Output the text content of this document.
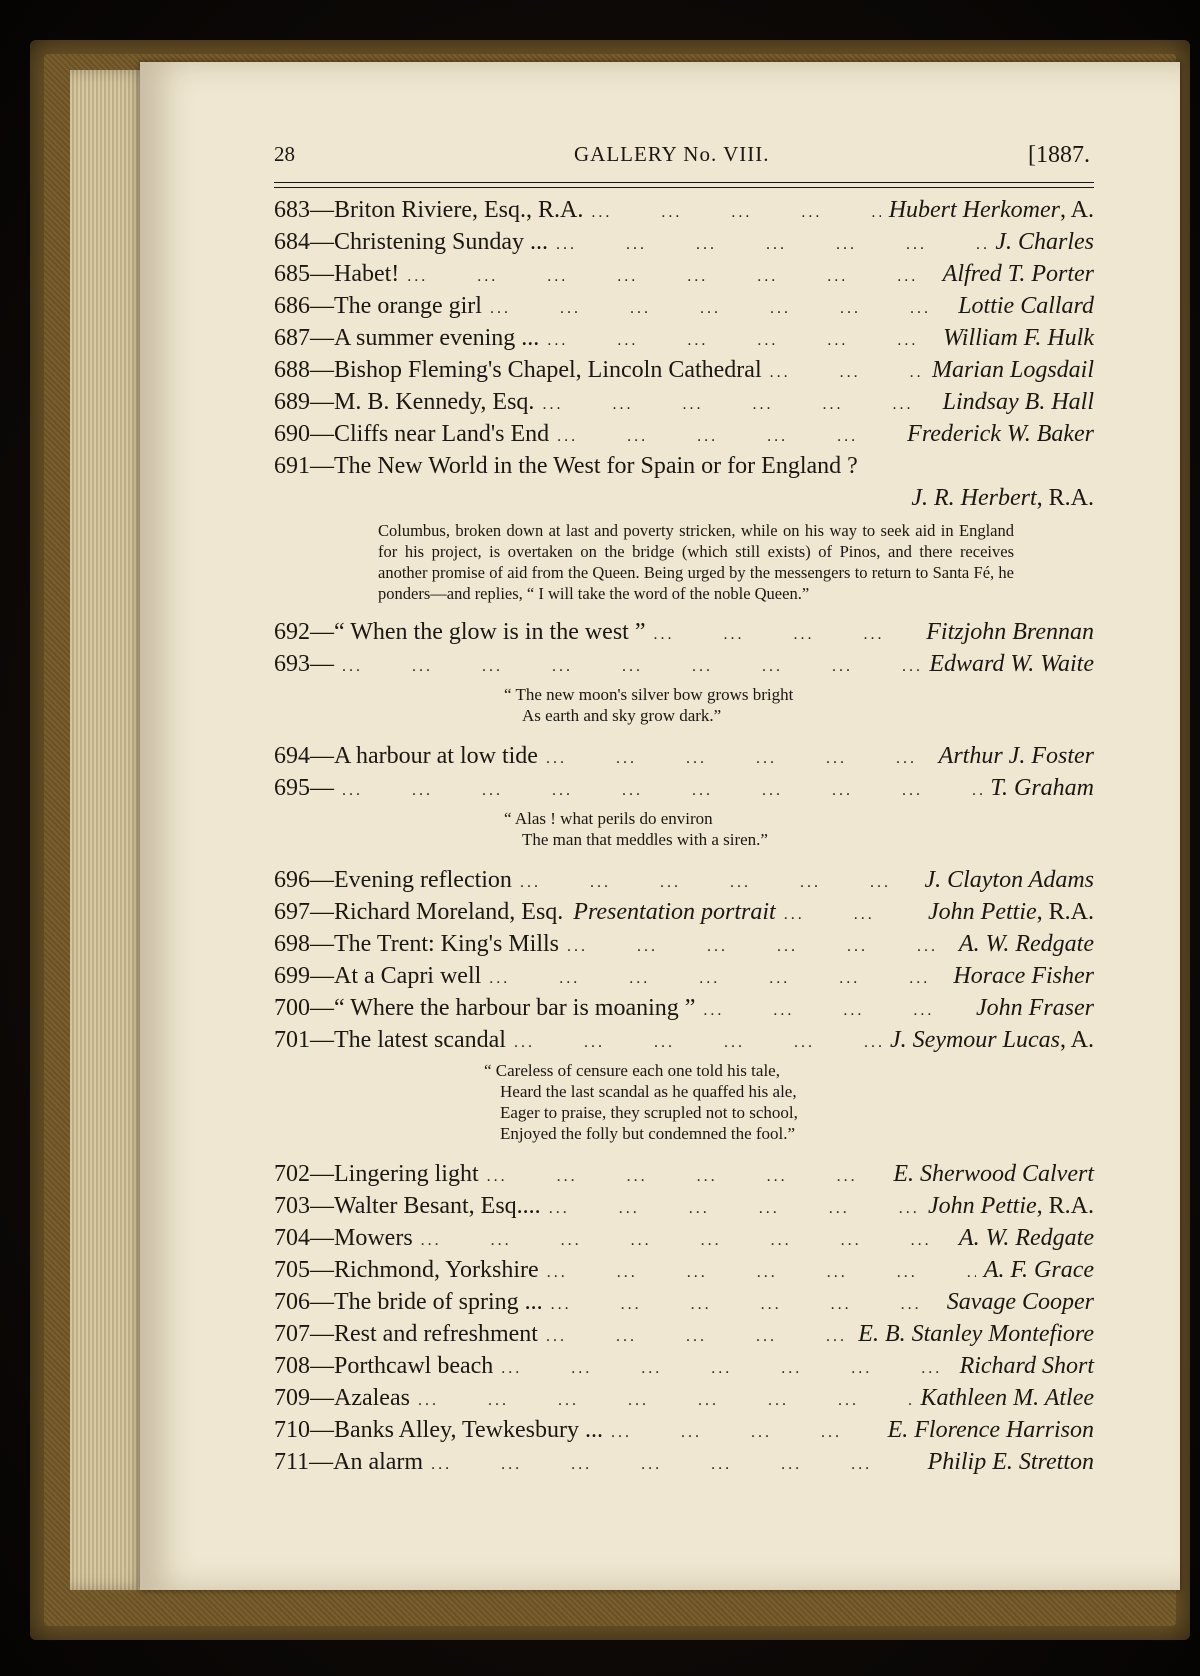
28	GALLERY No. VIII.	[1887.
683—Briton Riviere, Esq., R.A. ...	Hubert Herkomer , A.
684—Christening Sunday ... ...	J. Charles
685—Habet! ...	Alfred T. Porter
686—The orange girl ...	Lottie Callard
687—A summer evening ... ...	William F. Hulk
688—Bishop Fleming's Chapel, Lincoln Cathedral ...	Marian Logsdail
689—M. B. Kennedy, Esq. ...	Lindsay B. Hall
690—Cliffs near Land's End ...	Frederick W. Baker
691—The New World in the West for Spain or for England ?
J. R. Herbert, R.A.
Columbus, broken down at last and poverty stricken, while on his way to seek aid in England for his project, is overtaken on the bridge (which still exists) of Pinos, and there receives another promise of aid from the Queen. Being urged by the messengers to return to Santa Fé, he ponders—and replies, “ I will take the word of the noble Queen.”
692—“ When the glow is in the west ” ...	Fitzjohn Brennan
693— ...	Edward W. Waite
“ The new moon's silver bow grows bright
As earth and sky grow dark.”
694—A harbour at low tide ...	Arthur J. Foster
695— ...	T. Graham
“ Alas ! what perils do environ
The man that meddles with a siren.”
696—Evening reflection ...	J. Clayton Adams
697—Richard Moreland, Esq. Presentation portrait ...	John Pettie , R.A.
698—The Trent: King's Mills ...	A. W. Redgate
699—At a Capri well ...	Horace Fisher
700—“ Where the harbour bar is moaning ” ...	John Fraser
701—The latest scandal ...	J. Seymour Lucas , A.
“ Careless of censure each one told his tale,
Heard the last scandal as he quaffed his ale,
Eager to praise, they scrupled not to school,
Enjoyed the folly but condemned the fool.”
702—Lingering light ...	E. Sherwood Calvert
703—Walter Besant, Esq.... ...	John Pettie , R.A.
704—Mowers ...	A. W. Redgate
705—Richmond, Yorkshire ...	A. F. Grace
706—The bride of spring ... ...	Savage Cooper
707—Rest and refreshment ...	E. B. Stanley Montefiore
708—Porthcawl beach ...	Richard Short
709—Azaleas ...	Kathleen M. Atlee
710—Banks Alley, Tewkesbury ... ...	E. Florence Harrison
711—An alarm ...	Philip E. Stretton
